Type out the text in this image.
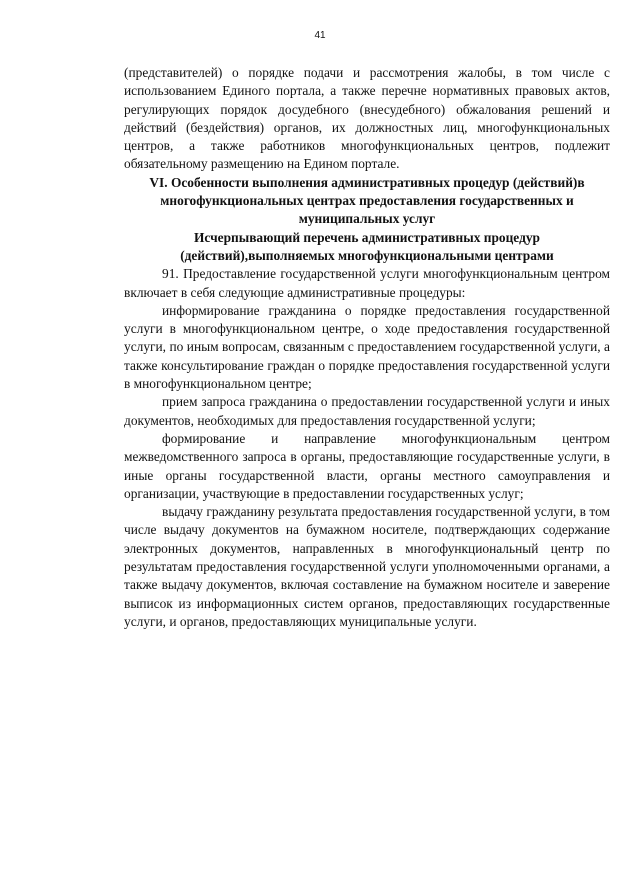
41

(представителей) о порядке подачи и рассмотрения жалобы, в том числе с использованием Единого портала, а также перечне нормативных правовых актов, регулирующих порядок досудебного (внесудебного) обжалования решений и действий (бездействия) органов, их должностных лиц, многофункциональных центров, а также работников многофункциональных центров, подлежит обязательному размещению на Едином портале.

VI. Особенности выполнения административных процедур (действий)в многофункциональных центрах предоставления государственных и муниципальных услуг

Исчерпывающий перечень административных процедур (действий),выполняемых многофункциональными центрами

91. Предоставление государственной услуги многофункциональным центром включает в себя следующие административные процедуры:

информирование гражданина о порядке предоставления государственной услуги в многофункциональном центре, о ходе предоставления государственной услуги, по иным вопросам, связанным с предоставлением государственной услуги, а также консультирование граждан о порядке предоставления государственной услуги в многофункциональном центре;

прием запроса гражданина о предоставлении государственной услуги и иных документов, необходимых для предоставления государственной услуги;

формирование и направление многофункциональным центром межведомственного запроса в органы, предоставляющие государственные услуги, в иные органы государственной власти, органы местного самоуправления и организации, участвующие в предоставлении государственных услуг;

выдачу гражданину результата предоставления государственной услуги, в том числе выдачу документов на бумажном носителе, подтверждающих содержание электронных документов, направленных в многофункциональный центр по результатам предоставления государственной услуги уполномоченными органами, а также выдачу документов, включая составление на бумажном носителе и заверение выписок из информационных систем органов, предоставляющих государственные услуги, и органов, предоставляющих муниципальные услуги.
